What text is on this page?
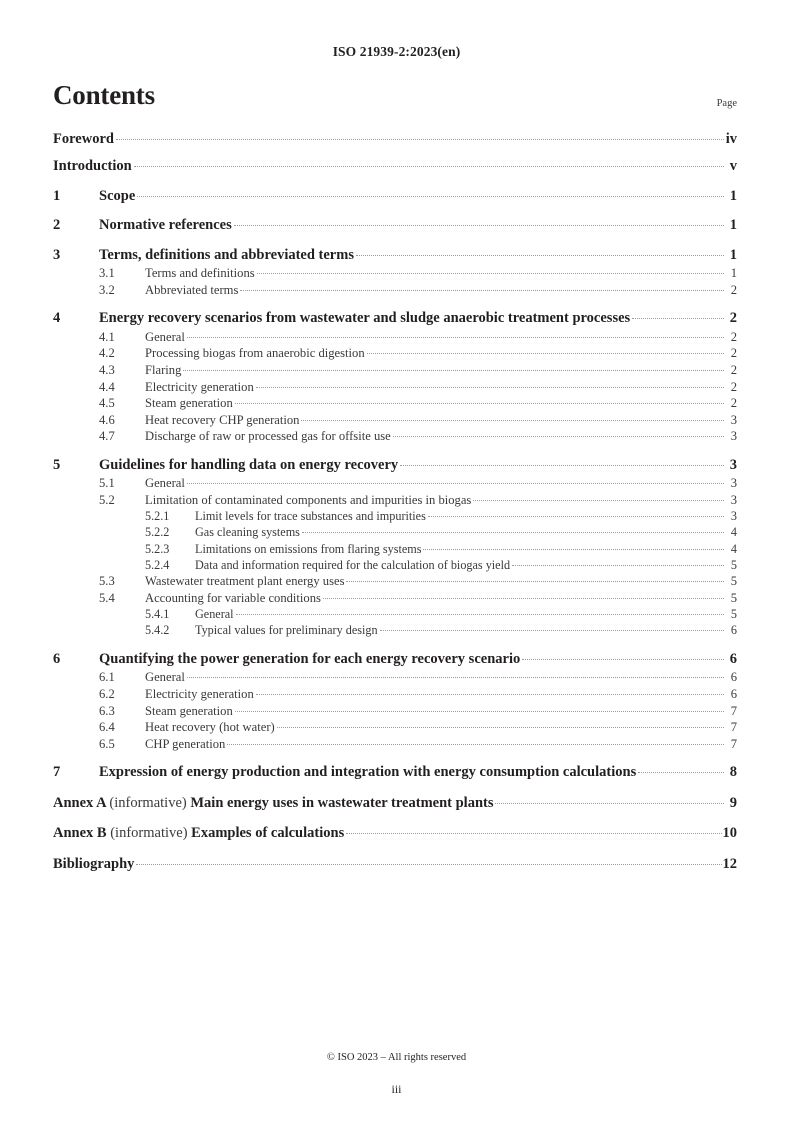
ISO 21939-2:2023(en)
Contents	Page
Foreword	iv
Introduction	v
1	Scope	1
2	Normative references	1
3	Terms, definitions and abbreviated terms	1
3.1	Terms and definitions	1
3.2	Abbreviated terms	2
4	Energy recovery scenarios from wastewater and sludge anaerobic treatment processes	2
4.1	General	2
4.2	Processing biogas from anaerobic digestion	2
4.3	Flaring	2
4.4	Electricity generation	2
4.5	Steam generation	2
4.6	Heat recovery CHP generation	3
4.7	Discharge of raw or processed gas for offsite use	3
5	Guidelines for handling data on energy recovery	3
5.1	General	3
5.2	Limitation of contaminated components and impurities in biogas	3
5.2.1	Limit levels for trace substances and impurities	3
5.2.2	Gas cleaning systems	4
5.2.3	Limitations on emissions from flaring systems	4
5.2.4	Data and information required for the calculation of biogas yield	5
5.3	Wastewater treatment plant energy uses	5
5.4	Accounting for variable conditions	5
5.4.1	General	5
5.4.2	Typical values for preliminary design	6
6	Quantifying the power generation for each energy recovery scenario	6
6.1	General	6
6.2	Electricity generation	6
6.3	Steam generation	7
6.4	Heat recovery (hot water)	7
6.5	CHP generation	7
7	Expression of energy production and integration with energy consumption calculations	8
Annex A (informative) Main energy uses in wastewater treatment plants	9
Annex B (informative) Examples of calculations	10
Bibliography	12
© ISO 2023 – All rights reserved
iii
